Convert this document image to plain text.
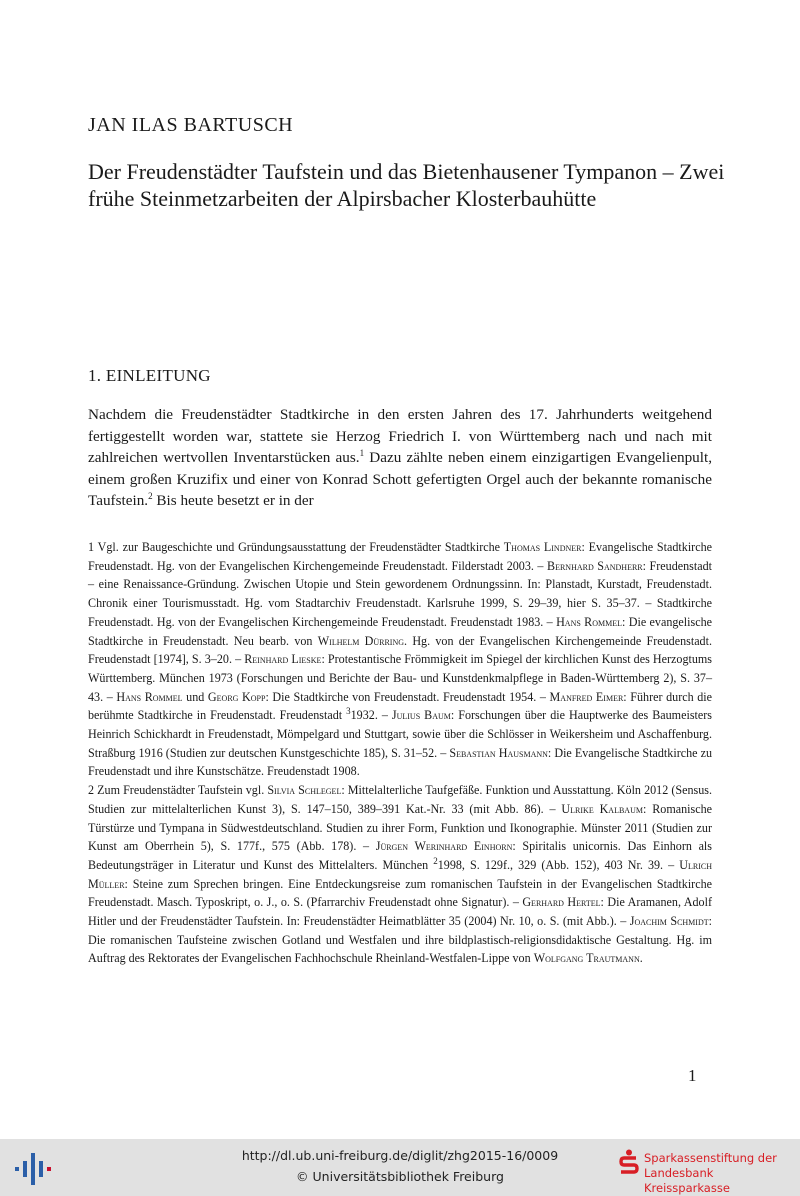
JAN ILAS BARTUSCH
Der Freudenstädter Taufstein und das Bietenhausener Tympanon – Zwei frühe Steinmetzarbeiten der Alpirsbacher Klosterbauhütte
1. EINLEITUNG

Nachdem die Freudenstädter Stadtkirche in den ersten Jahren des 17. Jahrhunderts weitgehend fertiggestellt worden war, stattete sie Herzog Friedrich I. von Württemberg nach und nach mit zahlreichen wertvollen Inventarstücken aus.$^1$ Dazu zählte neben einem einzigartigen Evangelienpult, einem großen Kruzifix und einer von Konrad Schott gefertigten Orgel auch der bekannte romanische Taufstein.$^2$ Bis heute besetzt er in der

1 Vgl. zur Baugeschichte und Gründungsausstattung der Freudenstädter Stadtkirche Thomas Lindner: Evangelische Stadtkirche Freudenstadt. Hg. von der Evangelischen Kirchengemeinde Freudenstadt. Filderstadt 2003. – Bernhard Sandherr: Freudenstadt – eine Renaissance-Gründung. Zwischen Utopie und Stein gewordenem Ordnungssinn. In: Planstadt, Kurstadt, Freudenstadt. Chronik einer Tourismusstadt. Hg. vom Stadtarchiv Freudenstadt. Karlsruhe 1999, S. 29–39, hier S. 35–37. – Stadtkirche Freudenstadt. Hg. von der Evangelischen Kirchengemeinde Freudenstadt. Freudenstadt 1983. – Hans Rommel: Die evangelische Stadtkirche in Freudenstadt. Neu bearb. von Wilhelm Dürring. Hg. von der Evangelischen Kirchengemeinde Freudenstadt. Freudenstadt [1974], S. 3–20. – Reinhard Lieske: Protestantische Frömmigkeit im Spiegel der kirchlichen Kunst des Herzogtums Württemberg. München 1973 (Forschungen und Berichte der Bau- und Kunstdenkmalpflege in Baden-Württemberg 2), S. 37–43. – Hans Rommel und Georg Kopp: Die Stadtkirche von Freudenstadt. Freudenstadt 1954. – Manfred Eimer: Führer durch die berühmte Stadtkirche in Freudenstadt. Freudenstadt $^3$1932. – Julius Baum: Forschungen über die Hauptwerke des Baumeisters Heinrich Schickhardt in Freudenstadt, Mömpelgard und Stuttgart, sowie über die Schlösser in Weikersheim und Aschaffenburg. Straßburg 1916 (Studien zur deutschen Kunstgeschichte 185), S. 31–52. – Sebastian Hausmann: Die Evangelische Stadtkirche zu Freudenstadt und ihre Kunstschätze. Freudenstadt 1908.

2 Zum Freudenstädter Taufstein vgl. Silvia Schlegel: Mittelalterliche Taufgefäße. Funktion und Ausstattung. Köln 2012 (Sensus. Studien zur mittelalterlichen Kunst 3), S. 147–150, 389–391 Kat.-Nr. 33 (mit Abb. 86). – Ulrike Kalbaum: Romanische Türstürze und Tympana in Südwestdeutschland. Studien zu ihrer Form, Funktion und Ikonographie. Münster 2011 (Studien zur Kunst am Oberrhein 5), S. 177f., 575 (Abb. 178). – Jürgen Werinhard Einhorn: Spiritalis unicornis. Das Einhorn als Bedeutungsträger in Literatur und Kunst des Mittelalters. München $^2$1998, S. 129f., 329 (Abb. 152), 403 Nr. 39. – Ulrich Müller: Steine zum Sprechen bringen. Eine Entdeckungsreise zum romanischen Taufstein in der Evangelischen Stadtkirche Freudenstadt. Masch. Typoskript, o. J., o. S. (Pfarrarchiv Freudenstadt ohne Signatur). – Gerhard Hertel: Die Aramanen, Adolf Hitler und der Freudenstädter Taufstein. In: Freudenstädter Heimatblätter 35 (2004) Nr. 10, o. S. (mit Abb.). – Joachim Schmidt: Die romanischen Taufsteine zwischen Gotland und Westfalen und ihre bildplastisch-religionsdidaktische Gestaltung. Hg. im Auftrag des Rektorates der Evangelischen Fachhochschule Rheinland-Westfalen-Lippe von Wolfgang Trautmann.

1
http://dl.ub.uni-freiburg.de/diglit/zhg2015-16/0009
© Universitätsbibliothek Freiburg
Sparkassenstiftung der
Landesbank Kreissparkasse
